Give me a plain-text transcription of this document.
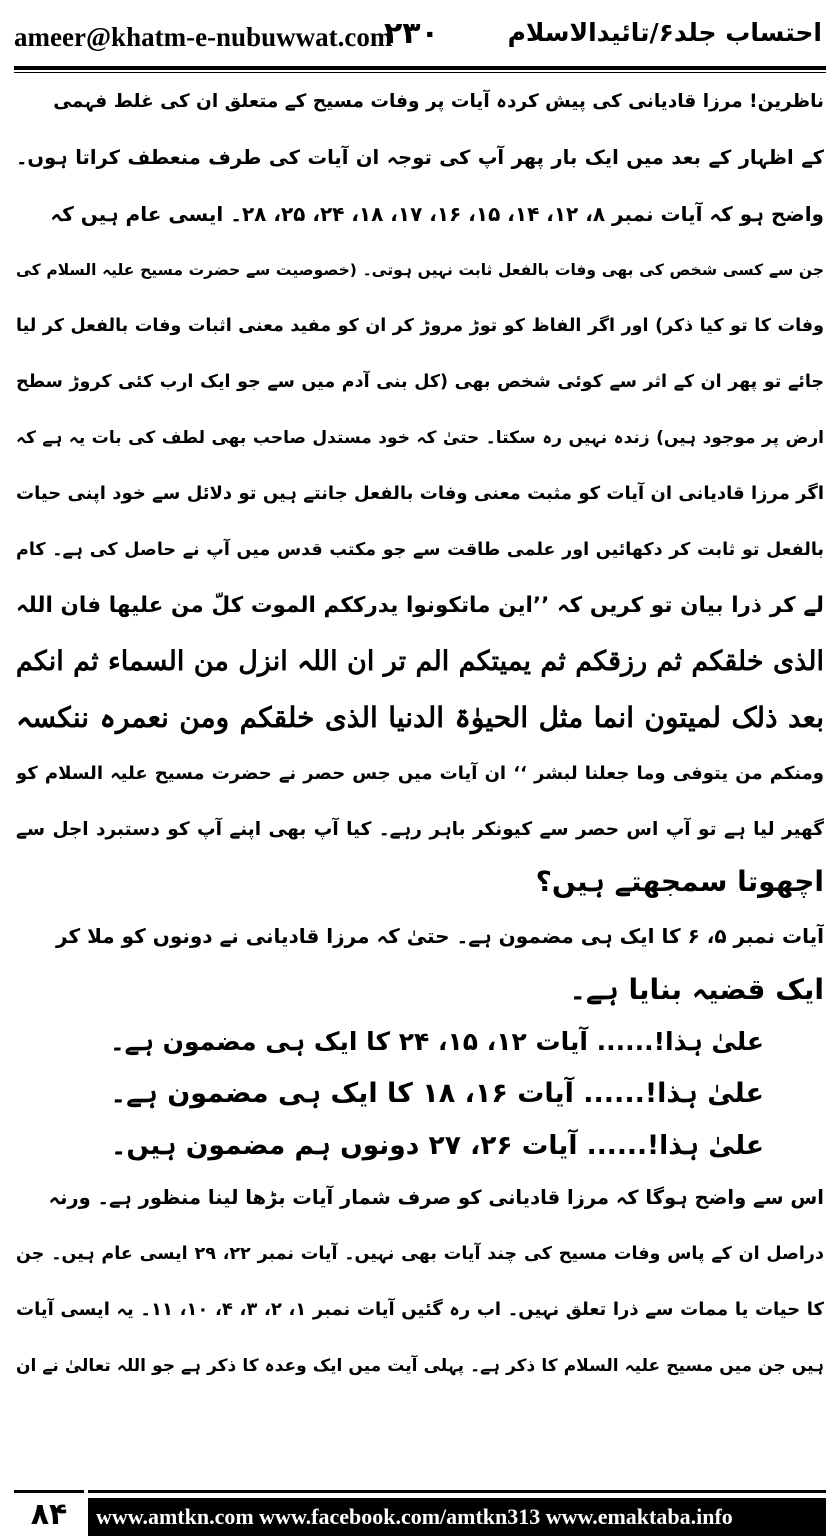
ameer@khatm-e-nubuwwat.com
۲۳۰	احتساب جلد۶/تائیدالاسلام
ناظرین! مرزا قادیانی کی پیش کردہ آیات پر وفات مسیح کے متعلق ان کی غلط فہمی
کے اظہار کے بعد میں ایک بار پھر آپ کی توجہ ان آیات کی طرف منعطف کراتا ہوں۔
واضح ہو کہ آیات نمبر ۸، ۱۲، ۱۴، ۱۵، ۱۶، ۱۷، ۱۸، ۲۴، ۲۵، ۲۸۔ ایسی عام ہیں کہ
جن سے کسی شخص کی بھی وفات بالفعل ثابت نہیں ہوتی۔ (خصوصیت سے حضرت مسیح علیہ السلام کی
وفات کا تو کیا ذکر) اور اگر الفاظ کو توڑ مروڑ کر ان کو مفید معنی اثبات وفات بالفعل کر لیا
جائے تو پھر ان کے اثر سے کوئی شخص بھی (کل بنی آدم میں سے جو ایک ارب کئی کروڑ سطح
ارض پر موجود ہیں) زندہ نہیں رہ سکتا۔ حتیٰ کہ خود مستدل صاحب بھی لطف کی بات یہ ہے کہ
اگر مرزا قادیانی ان آیات کو مثبت معنی وفات بالفعل جانتے ہیں تو دلائل سے خود اپنی حیات
بالفعل تو ثابت کر دکھائیں اور علمی طاقت سے جو مکتب قدس میں آپ نے حاصل کی ہے۔ کام
لے کر ذرا بیان تو کریں کہ ’’این ماتکونوا یدرککم الموت کلّ من علیھا فان اللہ
الذی خلقکم ثم رزقکم ثم یمیتکم الم تر ان اللہ انزل من السماء ثم انکم
بعد ذلک لمیتون انما مثل الحیوٰۃ الدنیا الذی خلقکم ومن نعمرہ ننکسہ
ومنکم من یتوفی وما جعلنا لبشر ‘‘ ان آیات میں جس حصر نے حضرت مسیح علیہ السلام کو
گھیر لیا ہے تو آپ اس حصر سے کیونکر باہر رہے۔ کیا آپ بھی اپنے آپ کو دستبرد اجل سے
اچھوتا سمجھتے ہیں؟
آیات نمبر ۵، ۶ کا ایک ہی مضمون ہے۔ حتیٰ کہ مرزا قادیانی نے دونوں کو ملا کر
ایک قضیہ بنایا ہے۔
علیٰ ہذا!...... آیات ۱۲، ۱۵، ۲۴ کا ایک ہی مضمون ہے۔
علیٰ ہذا!...... آیات ۱۶، ۱۸ کا ایک ہی مضمون ہے۔
علیٰ ہذا!...... آیات ۲۶، ۲۷ دونوں ہم مضمون ہیں۔
اس سے واضح ہوگا کہ مرزا قادیانی کو صرف شمار آیات بڑھا لینا منظور ہے۔ ورنہ
دراصل ان کے پاس وفات مسیح کی چند آیات بھی نہیں۔ آیات نمبر ۲۲، ۲۹ ایسی عام ہیں۔ جن
کا حیات یا ممات سے ذرا تعلق نہیں۔ اب رہ گئیں آیات نمبر ۱، ۲، ۳، ۴، ۱۰، ۱۱۔ یہ ایسی آیات
ہیں جن میں مسیح علیہ السلام کا ذکر ہے۔ پہلی آیت میں ایک وعدہ کا ذکر ہے جو اللہ تعالیٰ نے ان
۸۴	www.amtkn.com www.facebook.com/amtkn313 www.emaktaba.info
